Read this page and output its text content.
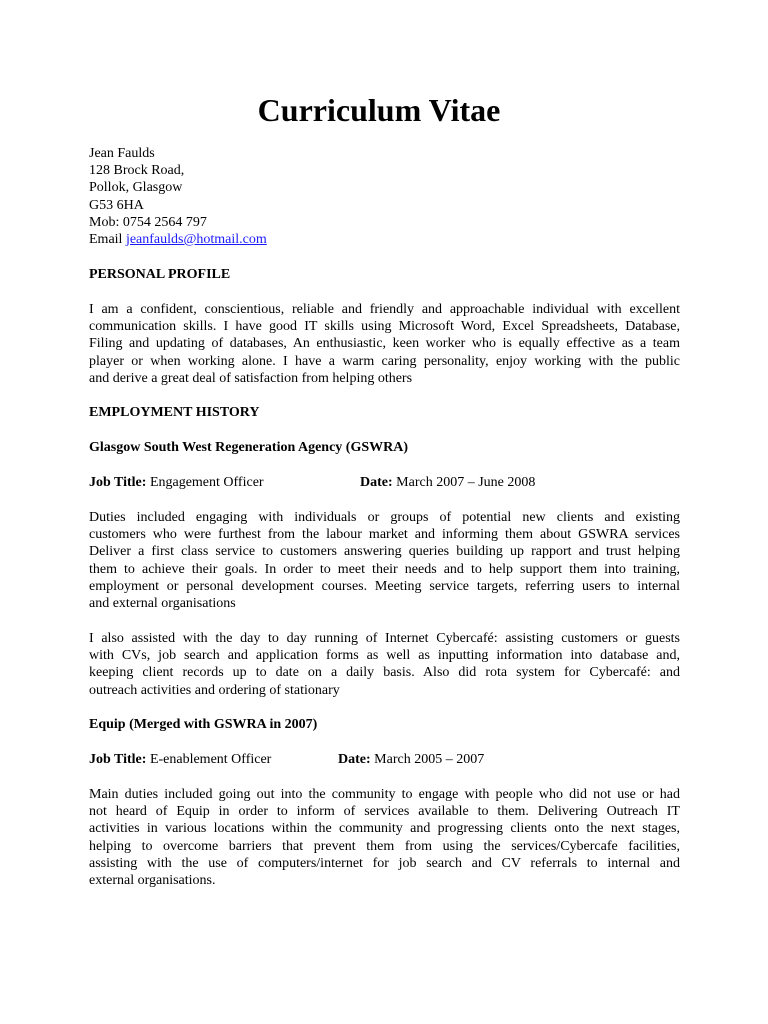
Curriculum Vitae
Jean Faulds
128 Brock Road,
Pollok, Glasgow
G53 6HA
Mob: 0754 2564 797
Email jeanfaulds@hotmail.com
PERSONAL PROFILE
I am a confident, conscientious, reliable and friendly and approachable individual with excellent
communication skills. I have good IT skills using Microsoft Word, Excel Spreadsheets, Database,
Filing and updating of databases, An enthusiastic, keen worker who is equally effective as a team
player or when working alone. I have a warm caring personality, enjoy working with the public
and derive a great deal of satisfaction from helping others
EMPLOYMENT HISTORY
Glasgow South West Regeneration Agency (GSWRA)
Job Title: Engagement Officer	Date: March 2007 – June 2008
Duties included engaging with individuals or groups of potential new clients and existing
customers who were furthest from the labour market and informing them about GSWRA services
Deliver a first class service to customers answering queries building up rapport and trust helping
them to achieve their goals. In order to meet their needs and to help support them into training,
employment or personal development courses. Meeting service targets, referring users to internal
and external organisations
I also assisted with the day to day running of Internet Cybercafé: assisting customers or guests
with CVs, job search and application forms as well as inputting information into database and,
keeping client records up to date on a daily basis. Also did rota system for Cybercafé: and
outreach activities and ordering of stationary
Equip (Merged with GSWRA in 2007)
Job Title: E-enablement Officer	Date: March 2005 – 2007
Main duties included going out into the community to engage with people who did not use or had
not heard of Equip in order to inform of services available to them. Delivering Outreach IT
activities in various locations within the community and progressing clients onto the next stages,
helping to overcome barriers that prevent them from using the services/Cybercafe facilities,
assisting with the use of computers/internet for job search and CV referrals to internal and
external organisations.
